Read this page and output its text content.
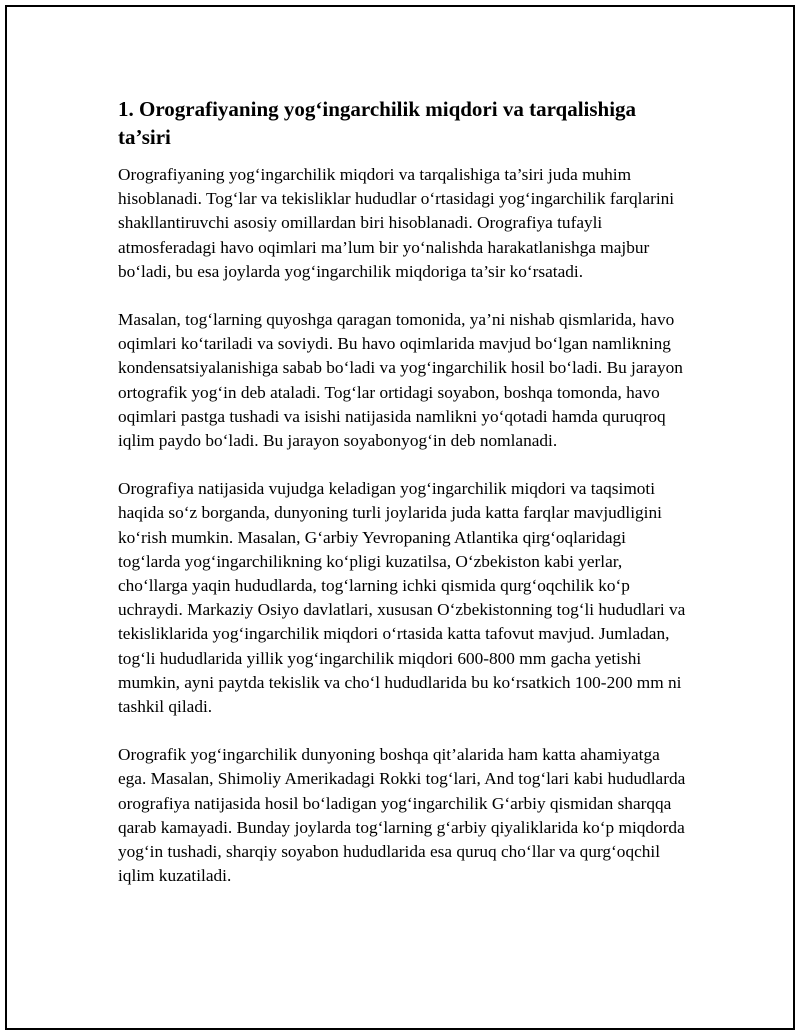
1. Orografiyaning yog‘ingarchilik miqdori va tarqalishiga ta’siri

Orografiyaning yog‘ingarchilik miqdori va tarqalishiga ta’siri juda muhim hisoblanadi. Tog‘lar va tekisliklar hududlar o‘rtasidagi yog‘ingarchilik farqlarini shakllantiruvchi asosiy omillardan biri hisoblanadi. Orografiya tufayli atmosferadagi havo oqimlari ma’lum bir yo‘nalishda harakatlanishga majbur bo‘ladi, bu esa joylarda yog‘ingarchilik miqdoriga ta’sir ko‘rsatadi.

Masalan, tog‘larning quyoshga qaragan tomonida, ya’ni nishab qismlarida, havo oqimlari ko‘tariladi va soviydi. Bu havo oqimlarida mavjud bo‘lgan namlikning kondensatsiyalanishiga sabab bo‘ladi va yog‘ingarchilik hosil bo‘ladi. Bu jarayon ortografik yog‘in deb ataladi. Tog‘lar ortidagi soyabon, boshqa tomonda, havo oqimlari pastga tushadi va isishi natijasida namlikni yo‘qotadi hamda quruqroq iqlim paydo bo‘ladi. Bu jarayon soyabonyog‘in deb nomlanadi.

Orografiya natijasida vujudga keladigan yog‘ingarchilik miqdori va taqsimoti haqida so‘z borganda, dunyoning turli joylarida juda katta farqlar mavjudligini ko‘rish mumkin. Masalan, G‘arbiy Yevropaning Atlantika qirg‘oqlaridagi tog‘larda yog‘ingarchilikning ko‘pligi kuzatilsa, O‘zbekiston kabi yerlar, cho‘llarga yaqin hududlarda, tog‘larning ichki qismida qurg‘oqchilik ko‘p uchraydi. Markaziy Osiyo davlatlari, xususan O‘zbekistonning tog‘li hududlari va tekisliklarida yog‘ingarchilik miqdori o‘rtasida katta tafovut mavjud. Jumladan, tog‘li hududlarida yillik yog‘ingarchilik miqdori 600-800 mm gacha yetishi mumkin, ayni paytda tekislik va cho‘l hududlarida bu ko‘rsatkich 100-200 mm ni tashkil qiladi.

Orografik yog‘ingarchilik dunyoning boshqa qit’alarida ham katta ahamiyatga ega. Masalan, Shimoliy Amerikadagi Rokki tog‘lari, And tog‘lari kabi hududlarda orografiya natijasida hosil bo‘ladigan yog‘ingarchilik G‘arbiy qismidan sharqqa qarab kamayadi. Bunday joylarda tog‘larning g‘arbiy qiyaliklarida ko‘p miqdorda yog‘in tushadi, sharqiy soyabon hududlarida esa quruq cho‘llar va qurg‘oqchil iqlim kuzatiladi.
